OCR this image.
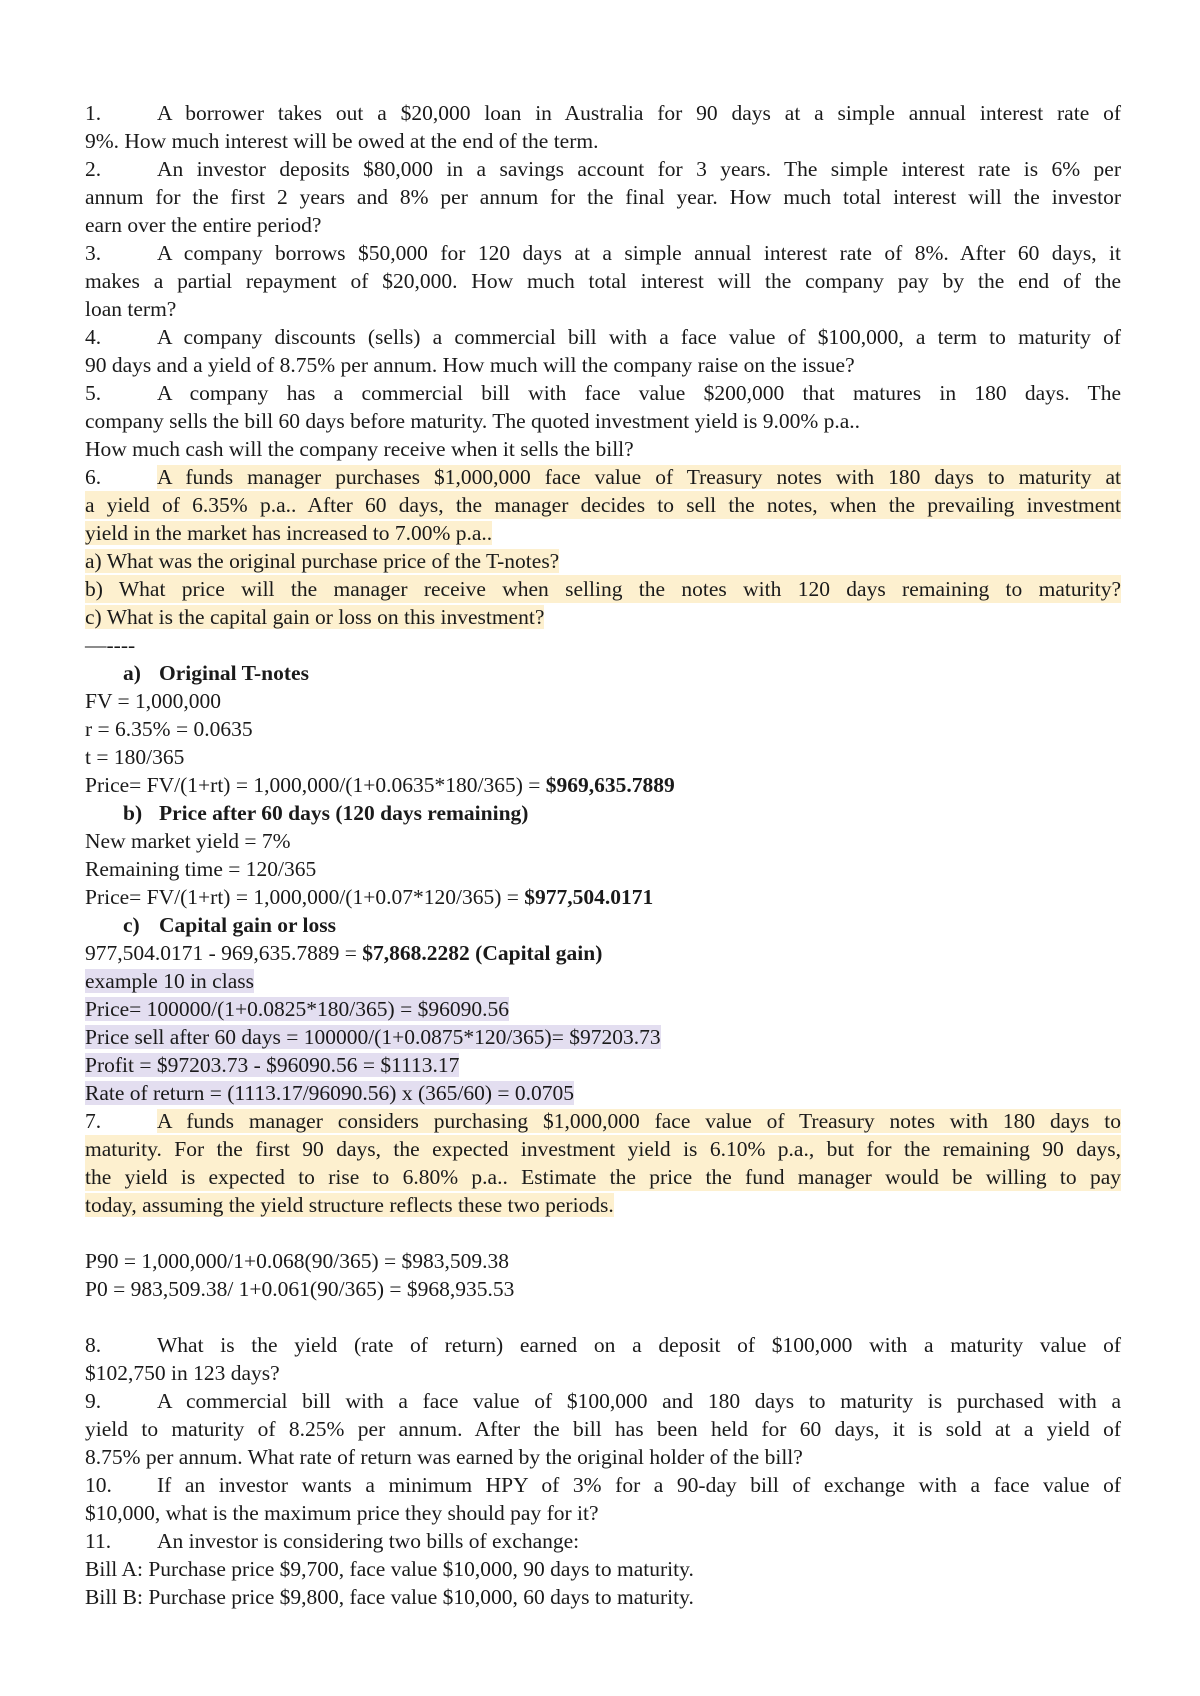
1.	A borrower takes out a $20,000 loan in Australia for 90 days at a simple annual interest rate of
9%. How much interest will be owed at the end of the term.
2.	An investor deposits $80,000 in a savings account for 3 years. The simple interest rate is 6% per
annum for the first 2 years and 8% per annum for the final year. How much total interest will the investor
earn over the entire period?
3.	A company borrows $50,000 for 120 days at a simple annual interest rate of 8%. After 60 days, it
makes a partial repayment of $20,000. How much total interest will the company pay by the end of the
loan term?
4.	A company discounts (sells) a commercial bill with a face value of $100,000, a term to maturity of
90 days and a yield of 8.75% per annum. How much will the company raise on the issue?
5.	A company has a commercial bill with face value $200,000 that matures in 180 days. The
company sells the bill 60 days before maturity. The quoted investment yield is 9.00% p.a..
How much cash will the company receive when it sells the bill?
6.	A funds manager purchases $1,000,000 face value of Treasury notes with 180 days to maturity at
a yield of 6.35% p.a.. After 60 days, the manager decides to sell the notes, when the prevailing investment
yield in the market has increased to 7.00% p.a..
a) What was the original purchase price of the T-notes?
b) What price will the manager receive when selling the notes with 120 days remaining to maturity?
c) What is the capital gain or loss on this investment?
—----
a) Original T-notes
FV = 1,000,000
r = 6.35% = 0.0635
t = 180/365
Price= FV/(1+rt) = 1,000,000/(1+0.0635*180/365) = $969,635.7889
b) Price after 60 days (120 days remaining)
New market yield = 7%
Remaining time = 120/365
Price= FV/(1+rt) = 1,000,000/(1+0.07*120/365) = $977,504.0171
c) Capital gain or loss
977,504.0171 - 969,635.7889 = $7,868.2282 (Capital gain)
example 10 in class
Price= 100000/(1+0.0825*180/365) = $96090.56
Price sell after 60 days = 100000/(1+0.0875*120/365)= $97203.73
Profit = $97203.73 - $96090.56 = $1113.17
Rate of return = (1113.17/96090.56) x (365/60) = 0.0705
7.	A funds manager considers purchasing $1,000,000 face value of Treasury notes with 180 days to
maturity. For the first 90 days, the expected investment yield is 6.10% p.a., but for the remaining 90 days,
the yield is expected to rise to 6.80% p.a.. Estimate the price the fund manager would be willing to pay
today, assuming the yield structure reflects these two periods.
P90 = 1,000,000/1+0.068(90/365) = $983,509.38
P0 = 983,509.38/ 1+0.061(90/365) = $968,935.53
8.	What is the yield (rate of return) earned on a deposit of $100,000 with a maturity value of
$102,750 in 123 days?
9.	A commercial bill with a face value of $100,000 and 180 days to maturity is purchased with a
yield to maturity of 8.25% per annum. After the bill has been held for 60 days, it is sold at a yield of
8.75% per annum. What rate of return was earned by the original holder of the bill?
10. If an investor wants a minimum HPY of 3% for a 90-day bill of exchange with a face value of
$10,000, what is the maximum price they should pay for it?
11. An investor is considering two bills of exchange:
Bill A: Purchase price $9,700, face value $10,000, 90 days to maturity.
Bill B: Purchase price $9,800, face value $10,000, 60 days to maturity.
